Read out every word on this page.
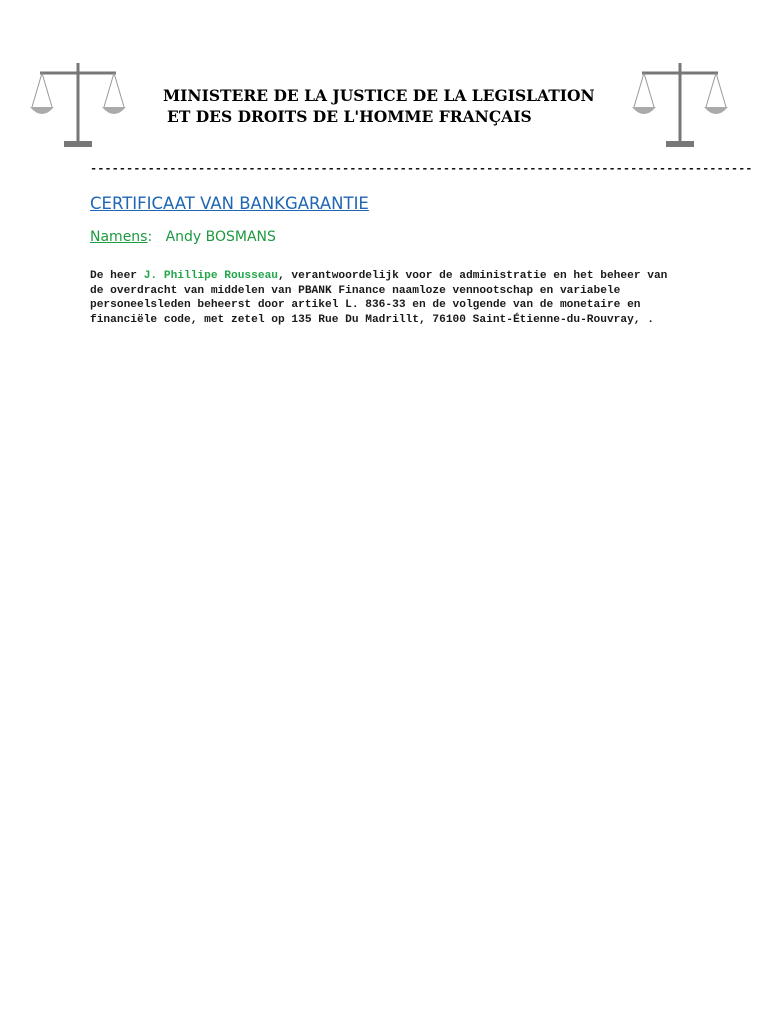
MINISTERE DE LA JUSTICE DE LA LEGISLATION
ET DES DROITS DE L'HOMME FRANÇAIS
--------------------------------------------------------------------------------------------
CERTIFICAAT VAN BANKGARANTIE
Namens: Andy BOSMANS

De heer J. Phillipe Rousseau, verantwoordelijk voor de administratie en het beheer van de overdracht van middelen van PBANK Finance naamloze vennootschap en variabele personeelsleden beheerst door artikel L. 836-33 en de volgende van de monetaire en financiële code, met zetel op 135 Rue Du Madrillt, 76100 Saint-Étienne-du-Rouvray, .
